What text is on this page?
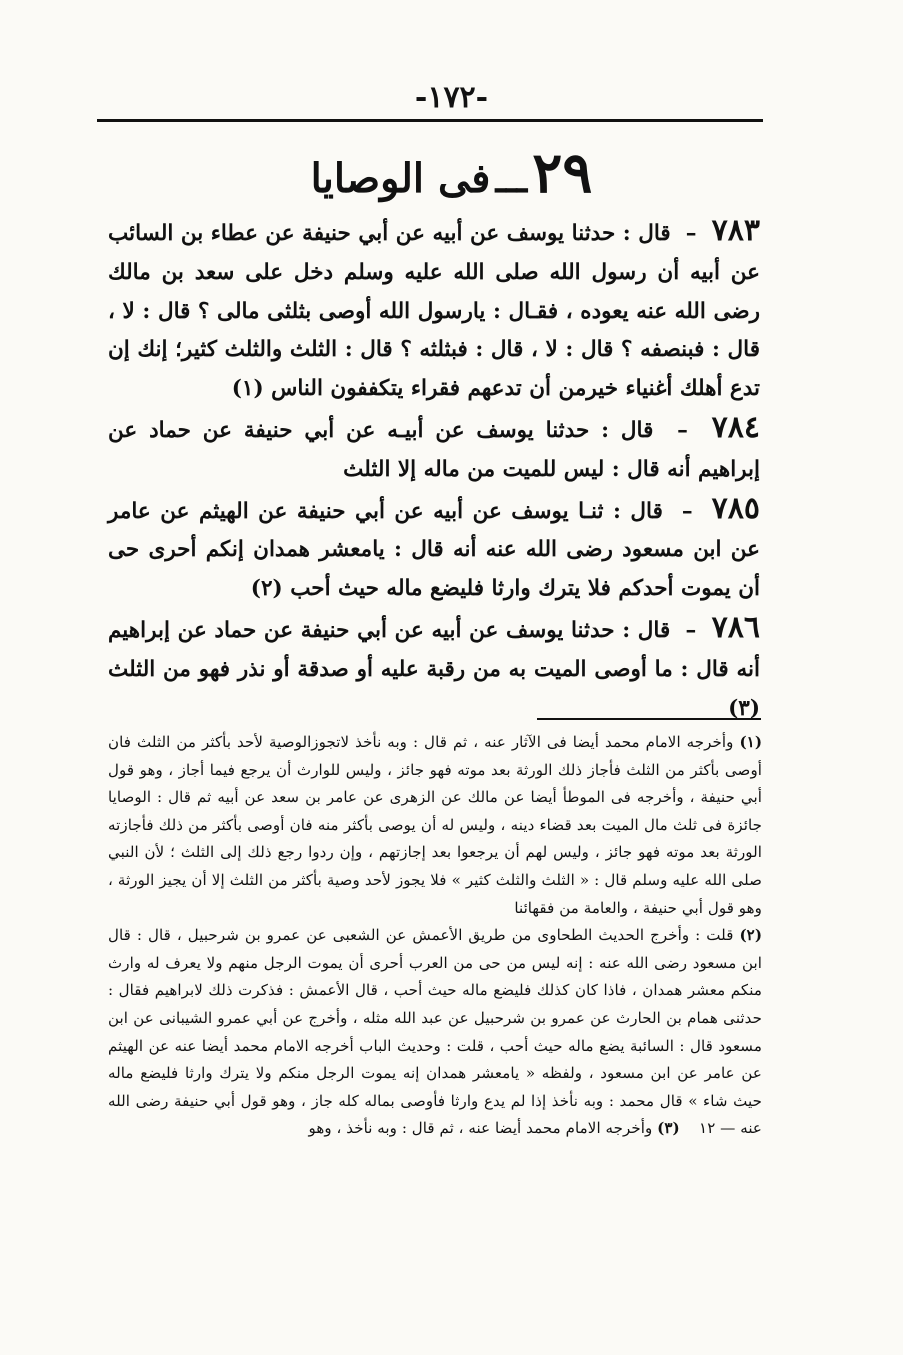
-١٧٢-
٢٩ ـــ فى الوصايا

٧٨٣  –  قال : حدثنا يوسف عن أبيه عن أبي حنيفة عن عطاء بن السائب عن أبيه أن رسول الله صلى الله عليه وسلم دخل على سعد بن مالك رضى الله عنه يعوده ، فقـال : يارسول الله أوصى بثلثى مالى ؟ قال : لا ، قال : فبنصفه ؟ قال : لا ، قال : فبثلثه ؟ قال : الثلث والثلث كثير؛ إنك إن تدع أهلك أغنياء خيرمن أن تدعهم فقراء يتكففون الناس (١)

٧٨٤  –  قال : حدثنا يوسف عن أبيـه عن أبي حنيفة عن حماد عن إبراهيم أنه قال : ليس للميت من ماله إلا الثلث

٧٨٥  –  قال : ثنـا يوسف عن أبيه عن أبي حنيفة عن الهيثم عن عامر عن ابن مسعود رضى الله عنه أنه قال : يامعشر همدان إنكم أحرى حى أن يموت أحدكم فلا يترك وارثا فليضع ماله حيث أحب (٢)

٧٨٦  –  قال : حدثنا يوسف عن أبيه عن أبي حنيفة عن حماد عن إبراهيم أنه قال : ما أوصى الميت به من رقبة عليه أو صدقة أو نذر فهو من الثلث (٣)

(١) وأخرجه الامام محمد أيضا فى الآثار عنه ، ثم قال : وبه نأخذ لاتجوزالوصية لأحد بأكثر من الثلث فان أوصى بأكثر من الثلث فأجاز ذلك الورثة بعد موته فهو جائز ، وليس للوارث أن يرجع فيما أجاز ، وهو قول أبي حنيفة ، وأخرجه فى الموطأ أيضا عن مالك عن الزهرى عن عامر بن سعد عن أبيه ثم قال : الوصايا جائزة فى ثلث مال الميت بعد قضاء دينه ، وليس له أن يوصى بأكثر منه فان أوصى بأكثر من ذلك فأجازته الورثة بعد موته فهو جائز ، وليس لهم أن يرجعوا بعد إجازتهم ، وإن ردوا رجع ذلك إلى الثلث ؛ لأن النبي صلى الله عليه وسلم قال : « الثلث والثلث كثير » فلا يجوز لأحد وصية بأكثر من الثلث إلا أن يجيز الورثة ، وهو قول أبي حنيفة ، والعامة من فقهائنا

(٢) قلت : وأخرج الحديث الطحاوى من طريق الأعمش عن الشعبى عن عمرو بن شرحبيل ، قال : قال ابن مسعود رضى الله عنه : إنه ليس من حى من العرب أحرى أن يموت الرجل منهم ولا يعرف له وارث منكم معشر همدان ، فاذا كان كذلك فليضع ماله حيث أحب ، قال الأعمش : فذكرت ذلك لابراهيم فقال : حدثنى همام بن الحارث عن عمرو بن شرحبيل عن عبد الله مثله ، وأخرج عن أبي عمرو الشيبانى عن ابن مسعود قال : السائبة يضع ماله حيث أحب ، قلت : وحديث الباب أخرجه الامام محمد أيضا عنه عن الهيثم عن عامر عن ابن مسعود ، ولفظه « يامعشر همدان إنه يموت الرجل منكم ولا يترك وارثا فليضع ماله حيث شاء » قال محمد : وبه نأخذ إذا لم يدع وارثا فأوصى بماله كله جاز ، وهو قول أبي حنيفة رضى الله عنه — ١٢    (٣) وأخرجه الامام محمد أيضا عنه ، ثم قال : وبه نأخذ ، وهو
